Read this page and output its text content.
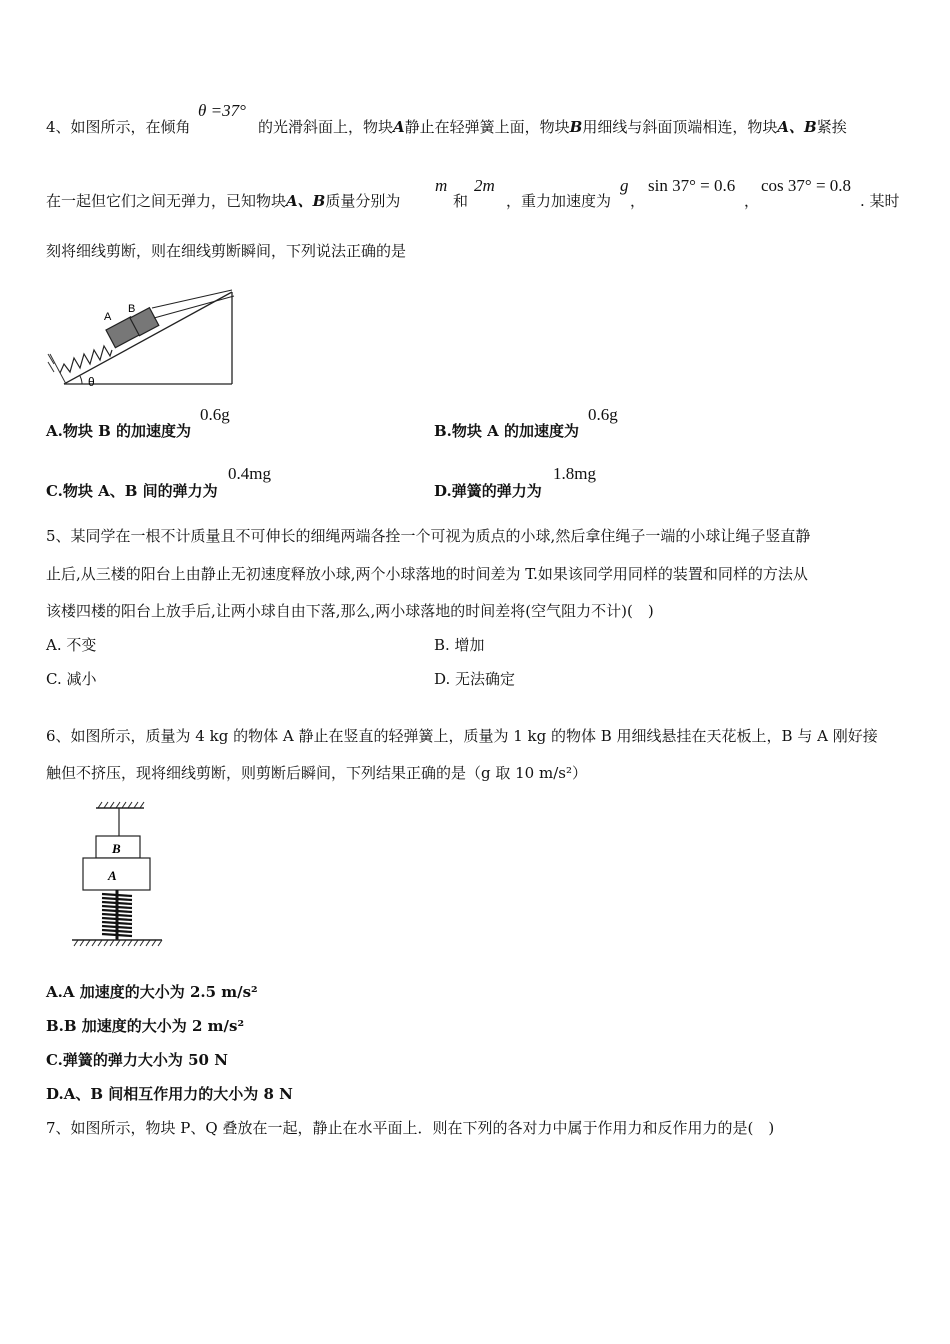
4、如图所示，在倾角
θ =37°
的光滑斜面上，物块A静止在轻弹簧上面，物块B用细线与斜面顶端相连，物块A、B紧挨
在一起但它们之间无弹力，已知物块A、B质量分别为
m
和
2m
，重力加速度为
g
，
sin 37° = 0.6
，
cos 37° = 0.8
. 某时
刻将细线剪断，则在细线剪断瞬间，下列说法正确的是
A
B
θ
A.物块 B 的加速度为
0.6g
B.物块 A 的加速度为
0.6g
C.物块 A、B 间的弹力为
0.4mg
D.弹簧的弹力为
1.8mg
5、某同学在一根不计质量且不可伸长的细绳两端各拴一个可视为质点的小球,然后拿住绳子一端的小球让绳子竖直静
止后,从三楼的阳台上由静止无初速度释放小球,两个小球落地的时间差为 T.如果该同学用同样的装置和同样的方法从
该楼四楼的阳台上放手后,让两小球自由下落,那么,两小球落地的时间差将(空气阻力不计)(　)
A. 不变	B. 增加
C. 减小	D. 无法确定
6、如图所示，质量为 4 kg 的物体 A 静止在竖直的轻弹簧上，质量为 1 kg 的物体 B 用细线悬挂在天花板上，B 与 A 刚好接
触但不挤压，现将细线剪断，则剪断后瞬间，下列结果正确的是（g 取 10 m/s²）
B
A
A.A 加速度的大小为 2.5 m/s²
B.B 加速度的大小为 2 m/s²
C.弹簧的弹力大小为 50 N
D.A、B 间相互作用力的大小为 8 N
7、如图所示，物块 P、Q 叠放在一起，静止在水平面上．则在下列的各对力中属于作用力和反作用力的是(　)
